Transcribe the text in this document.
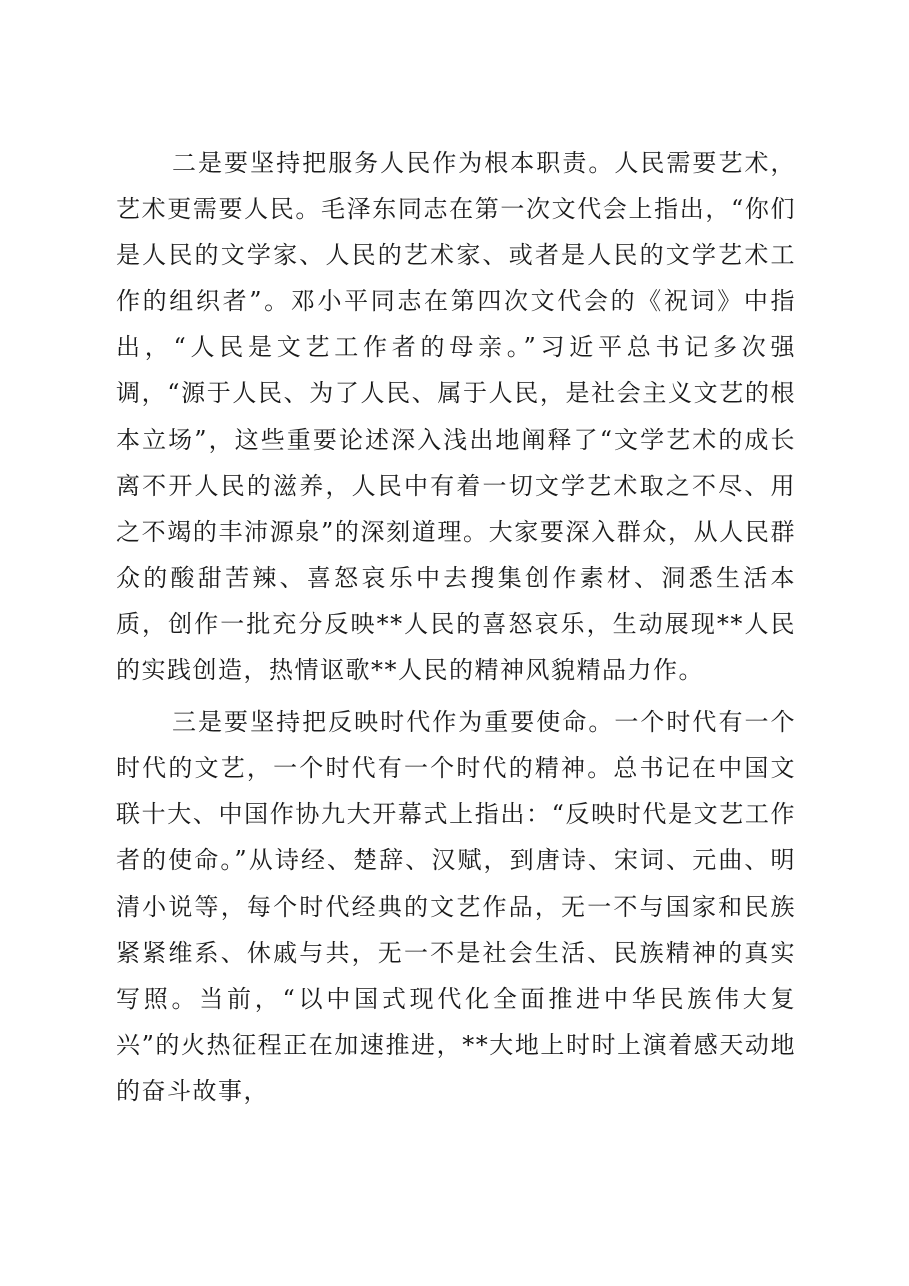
二是要坚持把服务人民作为根本职责。人民需要艺术，艺术更需要人民。毛泽东同志在第一次文代会上指出，“你们是人民的文学家、人民的艺术家、或者是人民的文学艺术工作的组织者”。邓小平同志在第四次文代会的《祝词》中指出，“人民是文艺工作者的母亲。”习近平总书记多次强调，“源于人民、为了人民、属于人民，是社会主义文艺的根本立场”，这些重要论述深入浅出地阐释了“文学艺术的成长离不开人民的滋养，人民中有着一切文学艺术取之不尽、用之不竭的丰沛源泉”的深刻道理。大家要深入群众，从人民群众的酸甜苦辣、喜怒哀乐中去搜集创作素材、洞悉生活本质，创作一批充分反映**人民的喜怒哀乐，生动展现**人民的实践创造，热情讴歌**人民的精神风貌精品力作。

三是要坚持把反映时代作为重要使命。一个时代有一个时代的文艺，一个时代有一个时代的精神。总书记在中国文联十大、中国作协九大开幕式上指出：“反映时代是文艺工作者的使命。”从诗经、楚辞、汉赋，到唐诗、宋词、元曲、明清小说等，每个时代经典的文艺作品，无一不与国家和民族紧紧维系、休戚与共，无一不是社会生活、民族精神的真实写照。当前，“以中国式现代化全面推进中华民族伟大复兴”的火热征程正在加速推进，**大地上时时上演着感天动地的奋斗故事，
